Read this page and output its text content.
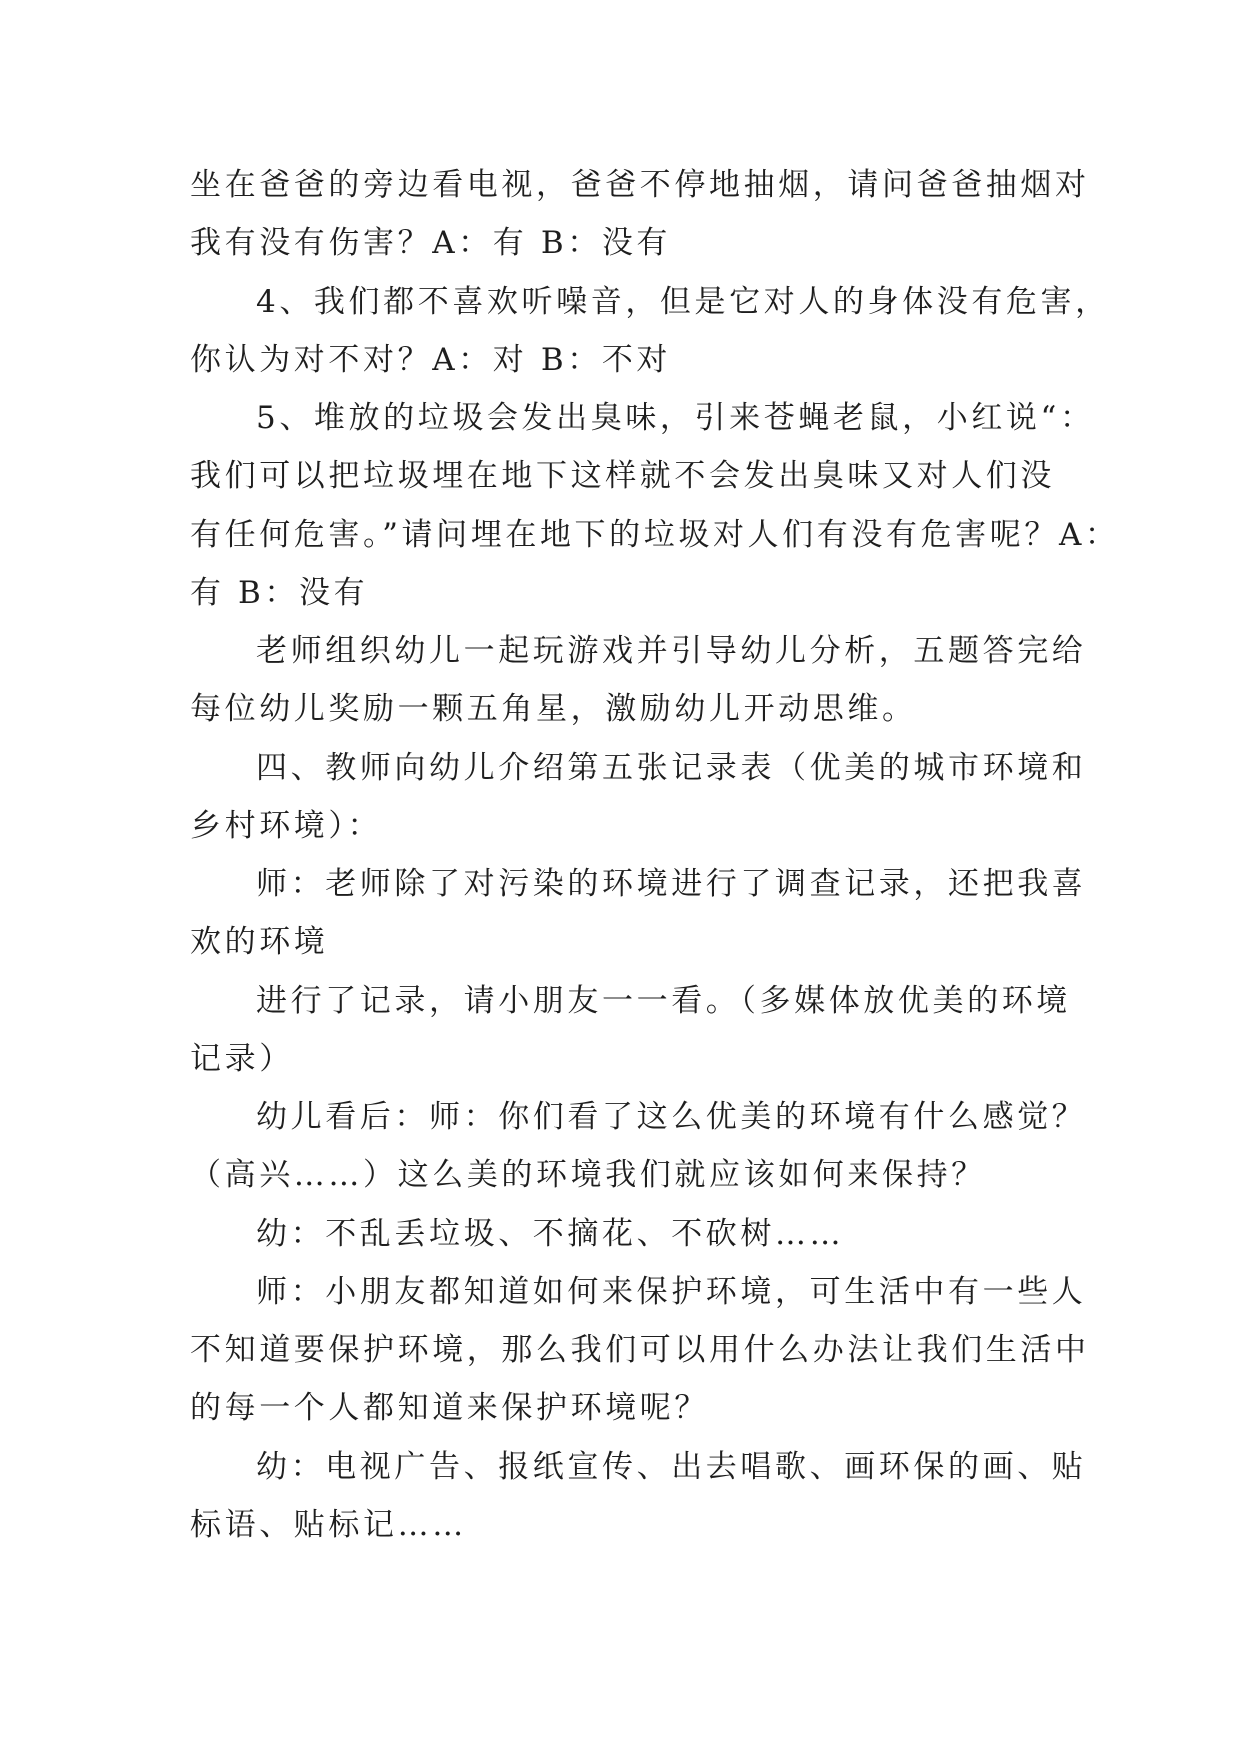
坐在爸爸的旁边看电视，爸爸不停地抽烟，请问爸爸抽烟对
我有没有伤害？A：有 B：没有
4、我们都不喜欢听噪音，但是它对人的身体没有危害，
你认为对不对？A：对 B：不对
5、堆放的垃圾会发出臭味，引来苍蝇老鼠，小红说“：
我们可以把垃圾埋在地下这样就不会发出臭味又对人们没
有任何危害。”请问埋在地下的垃圾对人们有没有危害呢？A：
有 B：没有
老师组织幼儿一起玩游戏并引导幼儿分析，五题答完给
每位幼儿奖励一颗五角星，激励幼儿开动思维。
四、教师向幼儿介绍第五张记录表（优美的城市环境和
乡村环境）：
师：老师除了对污染的环境进行了调查记录，还把我喜
欢的环境
进行了记录，请小朋友一一看。（多媒体放优美的环境
记录）
幼儿看后：师：你们看了这么优美的环境有什么感觉？
（高兴……）这么美的环境我们就应该如何来保持？
幼：不乱丢垃圾、不摘花、不砍树……
师：小朋友都知道如何来保护环境，可生活中有一些人
不知道要保护环境，那么我们可以用什么办法让我们生活中
的每一个人都知道来保护环境呢？
幼：电视广告、报纸宣传、出去唱歌、画环保的画、贴
标语、贴标记……
